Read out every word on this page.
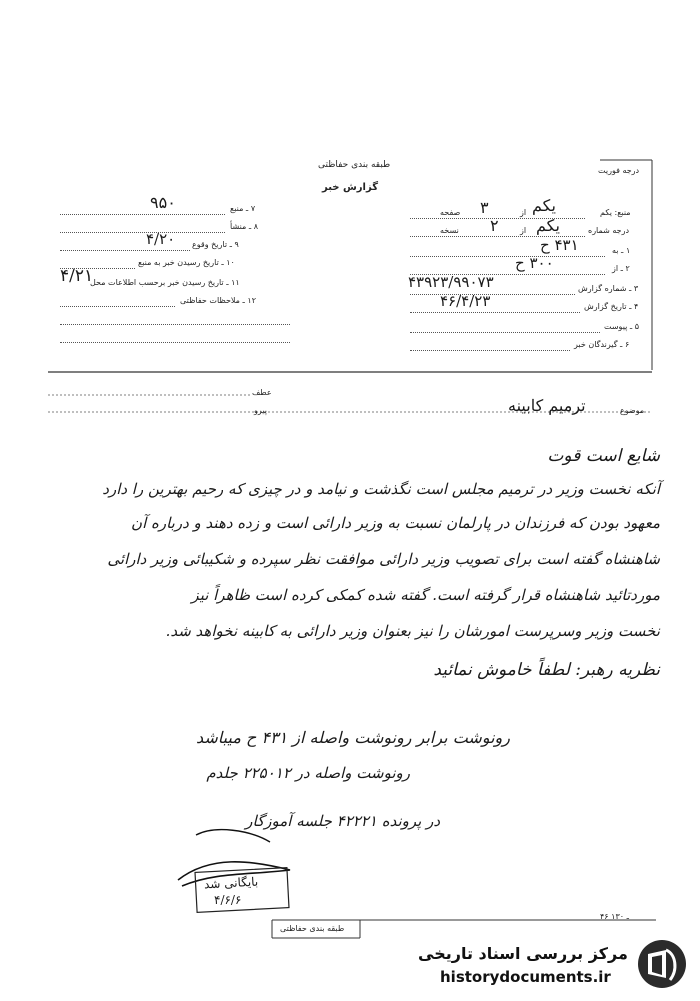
درجه فوریت
طبقه بندی حفاظتی
گزارش خبر
منبع: یکم
از
صفحه	یکم
۳
درجه شماره
از
نسخه	یکم
۲
۱ ـ به
۴۳۱ ح
۲ ـ از
۳۰۰ ح
۳ ـ شماره گزارش
۴۳۹۲۳/۹۹۰۷۳
۴ ـ تاریخ گزارش
۴۶/۴/۲۳
۵ ـ پیوست
۶ ـ گیرندگان خبر
۷ ـ منبع
۹۵۰
۸ ـ منشأ
۹ ـ تاریخ وقوع
۴/۲۰
۱۰ ـ تاریخ رسیدن خبر به منبع
۱۱ ـ تاریخ رسیدن خبر برحسب اطلاعات محل
۴/۲۱
۱۲ ـ ملاحظات حفاظتی
موضوع
ترمیم کابینه
عطف
پیرو
شایع است قوت
آنکه نخست وزیر در ترمیم مجلس است نگذشت و نیامد و در چیزی که رحیم بهترین را دارد
معهود بودن که فرزندان در پارلمان نسبت به وزیر دارائی است و زده دهند و درباره آن
شاهنشاه گفته است برای تصویب وزیر دارائی موافقت نظر سپرده و شکیبائی وزیر دارائی
موردتائید شاهنشاه قرار گرفته است. گفته شده کمکی کرده است ظاهراً نیز
نخست وزیر وسرپرست امورشان را نیز بعنوان وزیر دارائی به کابینه نخواهد شد.
نظریه رهبر: لطفاً خاموش نمائید
رونوشت برابر رونوشت واصله از ۴۳۱ ح میباشد
رونوشت واصله در ۲۲۵۰۱۲ جلدم
در پرونده ۴۲۲۲۱ جلسه آموزگار
بایگانی شد
۴/۶/۶
طبقه بندی حفاظتی
۴۶ ـ ۱۳۰
مرکز بررسی اسناد تاریخی
historydocuments.ir
